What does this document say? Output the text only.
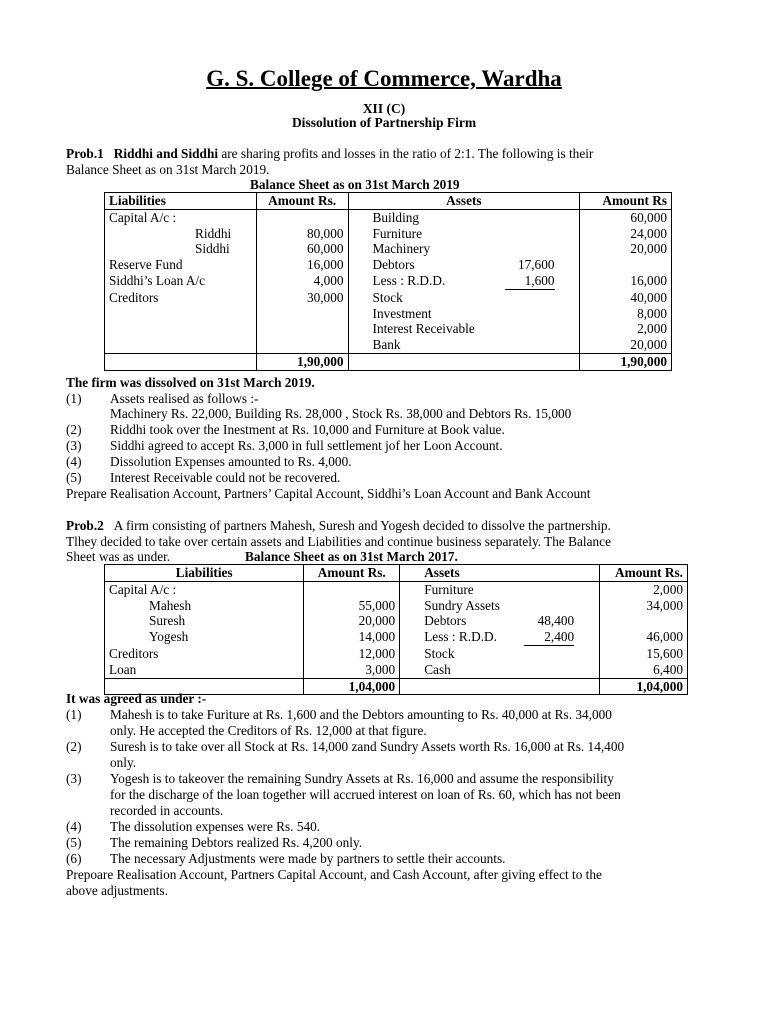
G. S. College of Commerce, Wardha
XII (C)
Dissolution of Partnership Firm
Prob.1 Riddhi and Siddhi are sharing profits and losses in the ratio of 2:1. The following is their
Balance Sheet as on 31st March 2019.
Balance Sheet as on 31st March 2019
Liabilities	Amount Rs.	Assets	Amount Rs
Capital A/c :		Building	60,000
Riddhi	80,000	Furniture	24,000
Siddhi	60,000	Machinery	20,000
Reserve Fund	16,000	Debtors 17,600	
Siddhi’s Loan A/c	4,000	Less : R.D.D. 1,600	16,000
Creditors	30,000	Stock	40,000
		Investment	8,000
		Interest Receivable	2,000
		Bank	20,000
	1,90,000		1,90,000
The firm was dissolved on 31st March 2019.
(1) Assets realised as follows :-
Machinery Rs. 22,000, Building Rs. 28,000 , Stock Rs. 38,000 and Debtors Rs. 15,000
(2) Riddhi took over the Inestment at Rs. 10,000 and Furniture at Book value.
(3) Siddhi agreed to accept Rs. 3,000 in full settlement jof her Loon Account.
(4) Dissolution Expenses amounted to Rs. 4,000.
(5) Interest Receivable could not be recovered.
Prepare Realisation Account, Partners’ Capital Account, Siddhi’s Loan Account and Bank Account
Prob.2 A firm consisting of partners Mahesh, Suresh and Yogesh decided to dissolve the partnership.
Tlhey decided to take over certain assets and Liabilities and continue business separately. The Balance
Sheet was as under.	Balance Sheet as on 31st March 2017.
Liabilities	Amount Rs.	Assets	Amount Rs.
Capital A/c :		Furniture	2,000
Mahesh	55,000	Sundry Assets	34,000
Suresh	20,000	Debtors 48,400	
Yogesh	14,000	Less : R.D.D. 2,400	46,000
Creditors	12,000	Stock	15,600
Loan	3,000	Cash	6,400
	1,04,000		1,04,000
It was agreed as under :-
(1) Mahesh is to take Furiture at Rs. 1,600 and the Debtors amounting to Rs. 40,000 at Rs. 34,000
only. He accepted the Creditors of Rs. 12,000 at that figure.
(2) Suresh is to take over all Stock at Rs. 14,000 zand Sundry Assets worth Rs. 16,000 at Rs. 14,400
only.
(3) Yogesh is to takeover the remaining Sundry Assets at Rs. 16,000 and assume the responsibility
for the discharge of the loan together will accrued interest on loan of Rs. 60, which has not been
recorded in accounts.
(4) The dissolution expenses were Rs. 540.
(5) The remaining Debtors realized Rs. 4,200 only.
(6) The necessary Adjustments were made by partners to settle their accounts.
Prepoare Realisation Account, Partners Capital Account, and Cash Account, after giving effect to the
above adjustments.
